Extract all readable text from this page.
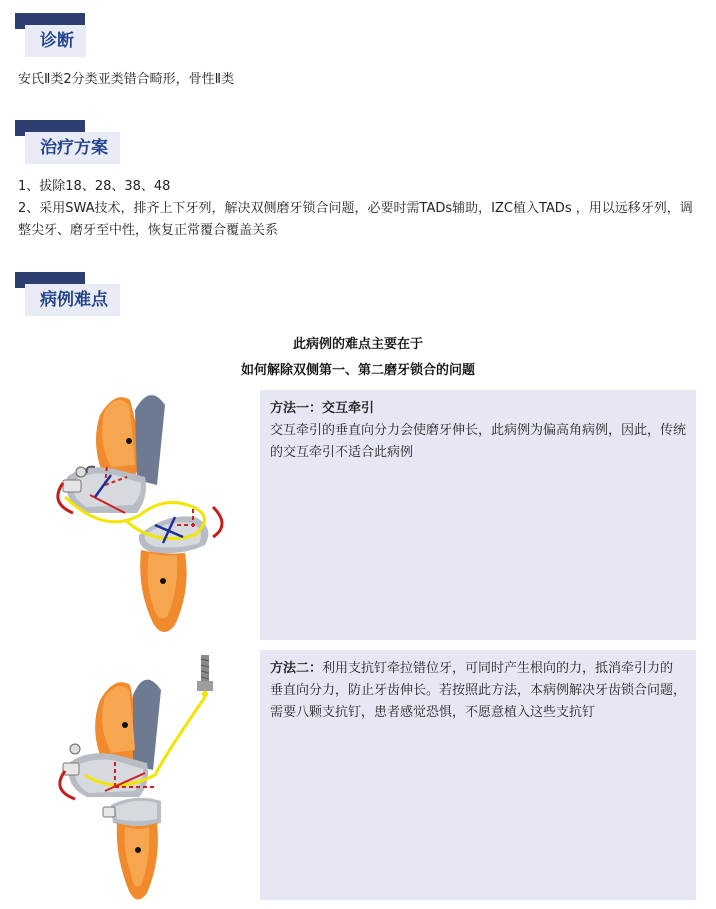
诊断
安氏Ⅱ类2分类亚类错合畸形，骨性Ⅱ类
治疗方案
1、拔除18、28、38、48
2、采用SWA技术，排齐上下牙列，解决双侧磨牙锁合问题，必要时需TADs辅助，IZC植入TADs ，用以远移牙列，调整尖牙、磨牙至中性，恢复正常覆合覆盖关系
病例难点
此病例的难点主要在于
如何解除双侧第一、第二磨牙锁合的问题
方法一：交互牵引
交互牵引的垂直向分力会使磨牙伸长，此病例为偏高角病例，因此，传统的交互牵引不适合此病例
方法二：利用支抗钉牵拉错位牙，可同时产生根向的力，抵消牵引力的垂直向分力，防止牙齿伸长。若按照此方法，本病例解决牙齿锁合问题，需要八颗支抗钉，患者感觉恐惧，不愿意植入这些支抗钉
